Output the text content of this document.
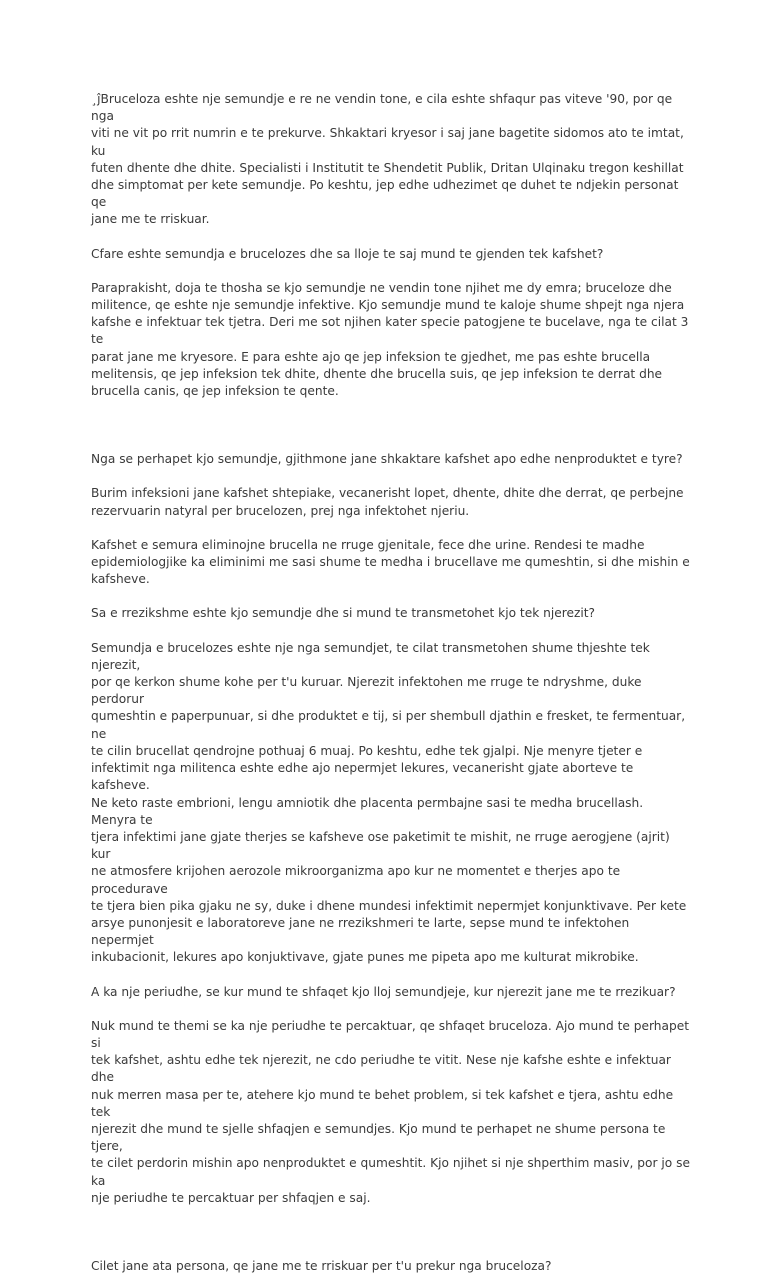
¸ĵBruceloza eshte nje semundje e re ne vendin tone, e cila eshte shfaqur pas viteve '90, por qe nga
viti ne vit po rrit numrin e te prekurve. Shkaktari kryesor i saj jane bagetite sidomos ato te imtat, ku
futen dhente dhe dhite. Specialisti i Institutit te Shendetit Publik, Dritan Ulqinaku tregon keshillat
dhe simptomat per kete semundje. Po keshtu, jep edhe udhezimet qe duhet te ndjekin personat qe
jane me te rriskuar.

Cfare eshte semundja e brucelozes dhe sa lloje te saj mund te gjenden tek kafshet?

Paraprakisht, doja te thosha se kjo semundje ne vendin tone njihet me dy emra; bruceloze dhe
militence, qe eshte nje semundje infektive. Kjo semundje mund te kaloje shume shpejt nga njera
kafshe e infektuar tek tjetra. Deri me sot njihen kater specie patogjene te bucelave, nga te cilat 3 te
parat jane me kryesore. E para eshte ajo qe jep infeksion te gjedhet, me pas eshte brucella
melitensis, qe jep infeksion tek dhite, dhente dhe brucella suis, qe jep infeksion te derrat dhe
brucella canis, qe jep infeksion te qente.

Nga se perhapet kjo semundje, gjithmone jane shkaktare kafshet apo edhe nenproduktet e tyre?

Burim infeksioni jane kafshet shtepiake, vecanerisht lopet, dhente, dhite dhe derrat, qe perbejne
rezervuarin natyral per brucelozen, prej nga infektohet njeriu.

Kafshet e semura eliminojne brucella ne rruge gjenitale, fece dhe urine. Rendesi te madhe
epidemiologjike ka eliminimi me sasi shume te medha i brucellave me qumeshtin, si dhe mishin e
kafsheve.

Sa e rrezikshme eshte kjo semundje dhe si mund te transmetohet kjo tek njerezit?

Semundja e brucelozes eshte nje nga semundjet, te cilat transmetohen shume thjeshte tek njerezit,
por qe kerkon shume kohe per t'u kuruar. Njerezit infektohen me rruge te ndryshme, duke perdorur
qumeshtin e paperpunuar, si dhe produktet e tij, si per shembull djathin e fresket, te fermentuar, ne
te cilin brucellat qendrojne pothuaj 6 muaj. Po keshtu, edhe tek gjalpi. Nje menyre tjeter e
infektimit nga militenca eshte edhe ajo nepermjet lekures, vecanerisht gjate aborteve te kafsheve.
Ne keto raste embrioni, lengu amniotik dhe placenta permbajne sasi te medha brucellash. Menyra te
tjera infektimi jane gjate therjes se kafsheve ose paketimit te mishit, ne rruge aerogjene (ajrit) kur
ne atmosfere krijohen aerozole mikroorganizma apo kur ne momentet e therjes apo te procedurave
te tjera bien pika gjaku ne sy, duke i dhene mundesi infektimit nepermjet konjunktivave. Per kete
arsye punonjesit e laboratoreve jane ne rrezikshmeri te larte, sepse mund te infektohen nepermjet
inkubacionit, lekures apo konjuktivave, gjate punes me pipeta apo me kulturat mikrobike.

A ka nje periudhe, se kur mund te shfaqet kjo lloj semundjeje, kur njerezit jane me te rrezikuar?

Nuk mund te themi se ka nje periudhe te percaktuar, qe shfaqet bruceloza. Ajo mund te perhapet si
tek kafshet, ashtu edhe tek njerezit, ne cdo periudhe te vitit. Nese nje kafshe eshte e infektuar dhe
nuk merren masa per te, atehere kjo mund te behet problem, si tek kafshet e tjera, ashtu edhe tek
njerezit dhe mund te sjelle shfaqjen e semundjes. Kjo mund te perhapet ne shume persona te tjere,
te cilet perdorin mishin apo nenproduktet e qumeshtit. Kjo njihet si nje shperthim masiv, por jo se ka
nje periudhe te percaktuar per shfaqjen e saj.

Cilet jane ata persona, qe jane me te rriskuar per t'u prekur nga bruceloza?
